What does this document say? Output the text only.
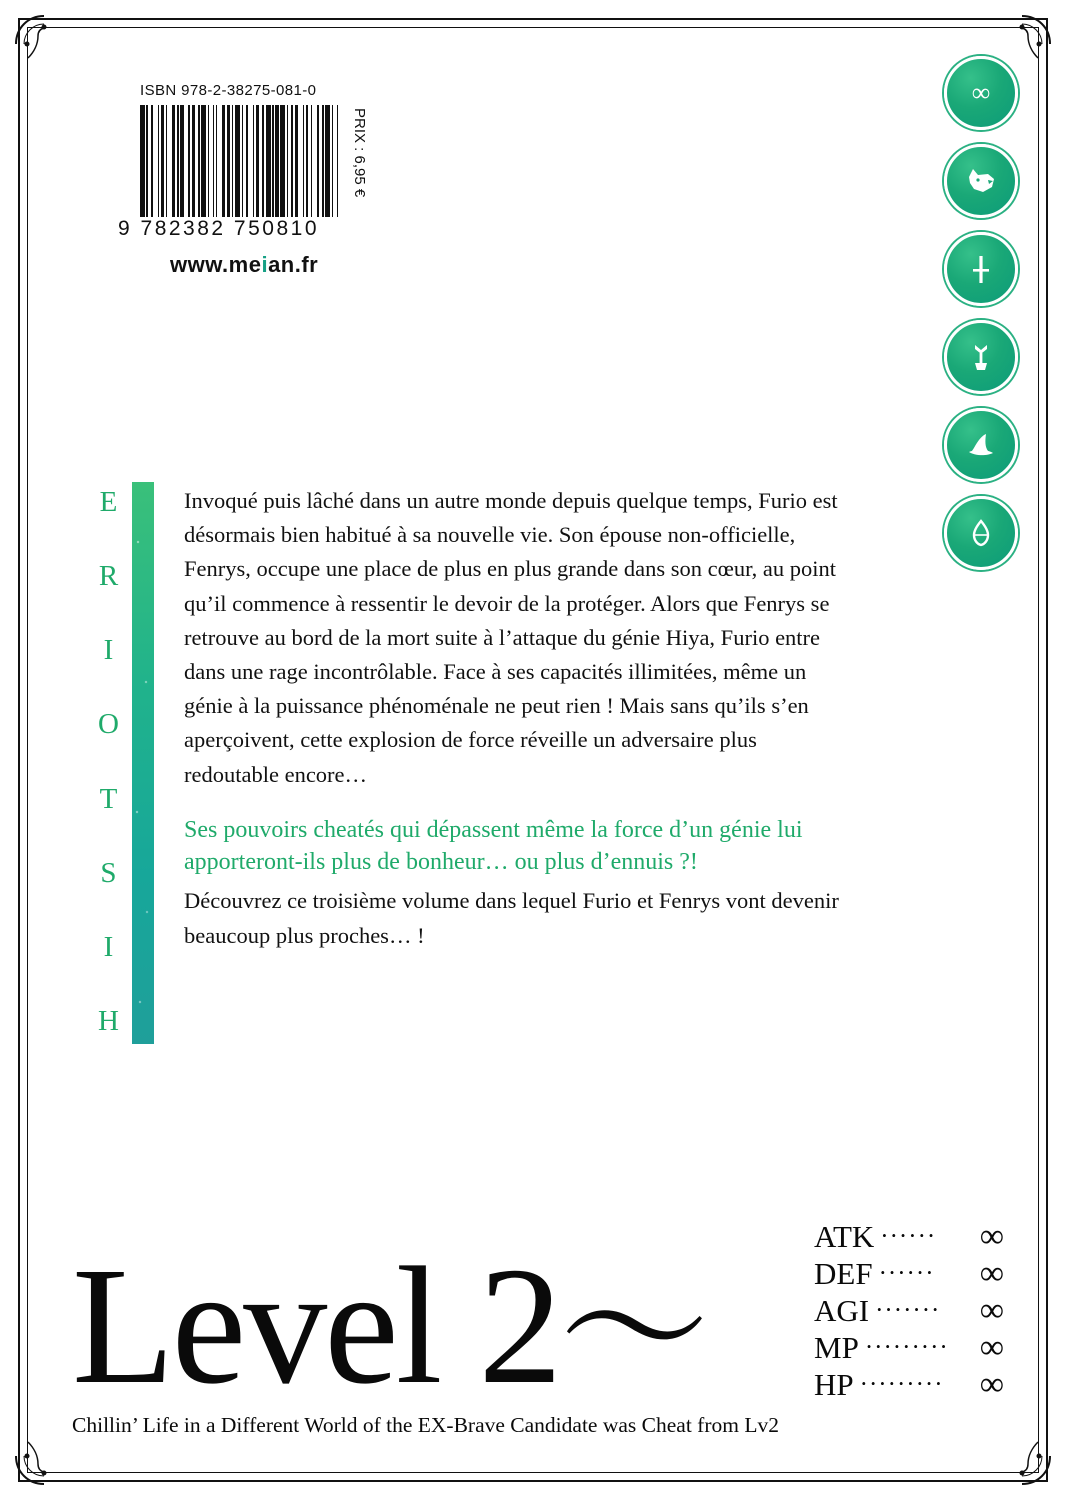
ISBN 978-2-38275-081-0
9 782382 750810
www.meian.fr
PRIX : 6,95 €
∞
E
R
I
O
T
S
I
H

Invoqué puis lâché dans un autre monde depuis quelque temps, Furio est désormais bien habitué à sa nouvelle vie. Son épouse non-officielle, Fenrys, occupe une place de plus en plus grande dans son cœur, au point qu’il commence à ressentir le devoir de la protéger. Alors que Fenrys se retrouve au bord de la mort suite à l’attaque du génie Hiya, Furio entre dans une rage incontrôlable. Face à ses capacités illimitées, même un génie à la puissance phénoménale ne peut rien ! Mais sans qu’ils s’en aperçoivent, cette explosion de force réveille un adversaire plus redoutable encore…

Ses pouvoirs cheatés qui dépassent même la force d’un génie lui apporteront-ils plus de bonheur… ou plus d’ennuis ?!

Découvrez ce troisième volume dans lequel Furio et Fenrys vont devenir beaucoup plus proches… !

Level 2〜
Chillin’ Life in a Different World of the EX-Brave Candidate was Cheat from Lv2
ATK ······	∞
DEF ······	∞
AGI ·······	∞
MP ········· ∞
HP ·········	∞
